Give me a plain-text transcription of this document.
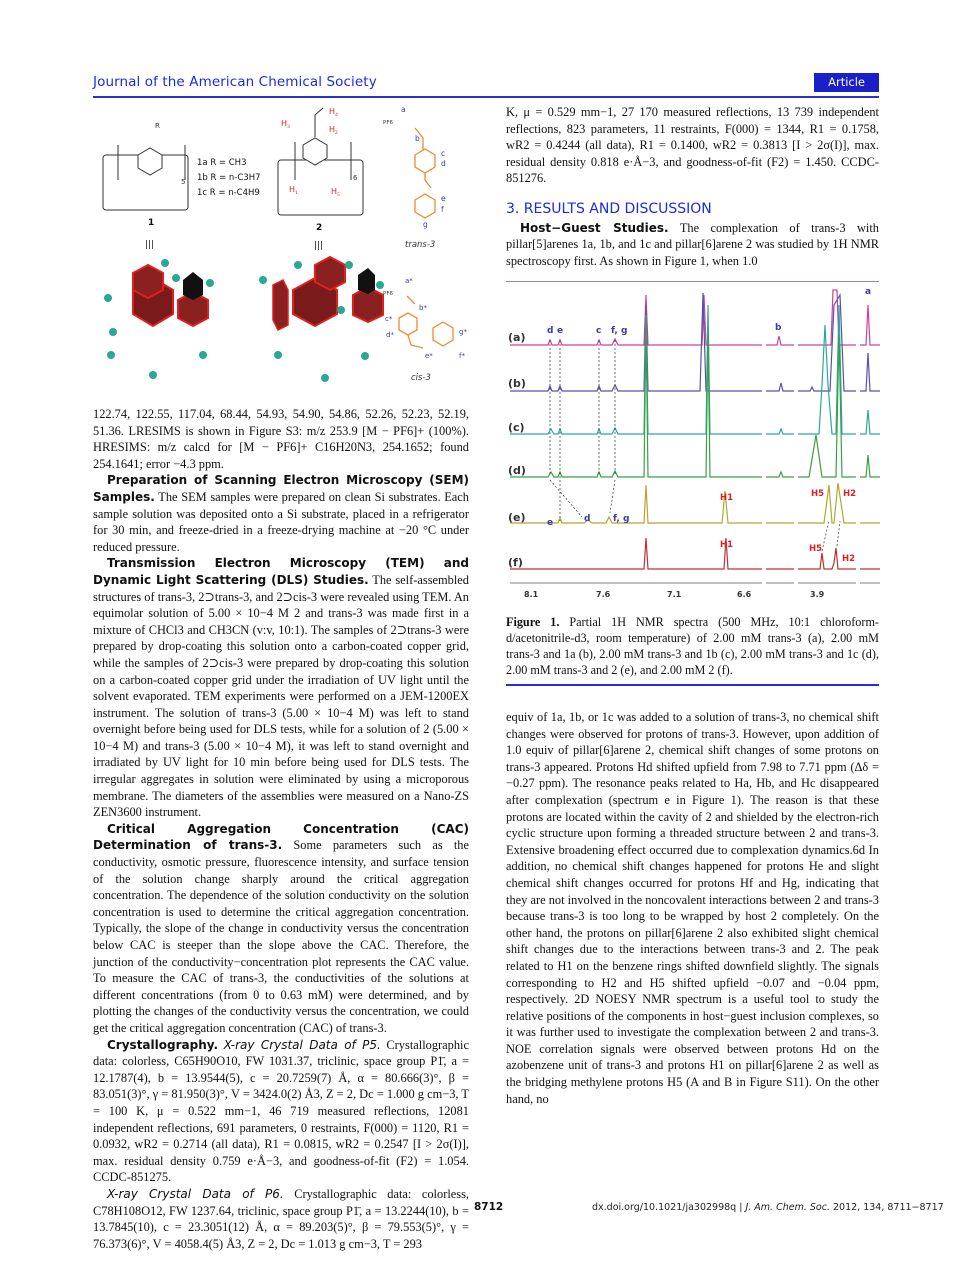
Journal of the American Chemical Society	Article
R
5
1a R = CH3
1b R = n-C3H7
1c R = n-C4H9
1
|||
H 3
H 4
H 2
H 1	H 5
6
2
|||
PF6
a
b
c
d
e
f
g
trans-3
PF6
a*
b*
c*
d*
e*	f*
g*
cis-3

122.74, 122.55, 117.04, 68.44, 54.93, 54.90, 54.86, 52.26, 52.23, 52.19, 51.36. LRESIMS is shown in Figure S3: m/z 253.9 [M − PF6]+ (100%). HRESIMS: m/z calcd for [M − PF6]+ C16H20N3, 254.1652; found 254.1641; error −4.3 ppm.

Preparation of Scanning Electron Microscopy (SEM) Samples. The SEM samples were prepared on clean Si substrates. Each sample solution was deposited onto a Si substrate, placed in a refrigerator for 30 min, and freeze-dried in a freeze-drying machine at −20 °C under reduced pressure.

Transmission Electron Microscopy (TEM) and Dynamic Light Scattering (DLS) Studies. The self-assembled structures of trans-3, 2⊃trans-3, and 2⊃cis-3 were revealed using TEM. An equimolar solution of 5.00 × 10−4 M 2 and trans-3 was made first in a mixture of CHCl3 and CH3CN (v:v, 10:1). The samples of 2⊃trans-3 were prepared by drop-coating this solution onto a carbon-coated copper grid, while the samples of 2⊃cis-3 were prepared by drop-coating this solution on a carbon-coated copper grid under the irradiation of UV light until the solvent evaporated. TEM experiments were performed on a JEM-1200EX instrument. The solution of trans-3 (5.00 × 10−4 M) was left to stand overnight before being used for DLS tests, while for a solution of 2 (5.00 × 10−4 M) and trans-3 (5.00 × 10−4 M), it was left to stand overnight and irradiated by UV light for 10 min before being used for DLS tests. The irregular aggregates in solution were eliminated by using a microporous membrane. The diameters of the assemblies were measured on a Nano-ZS ZEN3600 instrument.

Critical Aggregation Concentration (CAC) Determination of trans-3. Some parameters such as the conductivity, osmotic pressure, fluorescence intensity, and surface tension of the solution change sharply around the critical aggregation concentration. The dependence of the solution conductivity on the solution concentration is used to determine the critical aggregation concentration. Typically, the slope of the change in conductivity versus the concentration below CAC is steeper than the slope above the CAC. Therefore, the junction of the conductivity−concentration plot represents the CAC value. To measure the CAC of trans-3, the conductivities of the solutions at different concentrations (from 0 to 0.63 mM) were determined, and by plotting the changes of the conductivity versus the concentration, we could get the critical aggregation concentration (CAC) of trans-3.

Crystallography. X-ray Crystal Data of P5. Crystallographic data: colorless, C65H90O10, FW 1031.37, triclinic, space group P1̄, a = 12.1787(4), b = 13.9544(5), c = 20.7259(7) Å, α = 80.666(3)°, β = 83.051(3)°, γ = 81.950(3)°, V = 3424.0(2) Å3, Z = 2, Dc = 1.000 g cm−3, T = 100 K, μ = 0.522 mm−1, 46 719 measured reflections, 12081 independent reflections, 691 parameters, 0 restraints, F(000) = 1120, R1 = 0.0932, wR2 = 0.2714 (all data), R1 = 0.0815, wR2 = 0.2547 [I > 2σ(I)], max. residual density 0.759 e·Å−3, and goodness-of-fit (F2) = 1.054. CCDC-851275.

X-ray Crystal Data of P6. Crystallographic data: colorless, C78H108O12, FW 1237.64, triclinic, space group P1̄, a = 13.2244(10), b = 13.7845(10), c = 23.3051(12) Å, α = 89.203(5)°, β = 79.553(5)°, γ = 76.373(6)°, V = 4058.4(5) Å3, Z = 2, Dc = 1.013 g cm−3, T = 293

K, μ = 0.529 mm−1, 27 170 measured reflections, 13 739 independent reflections, 823 parameters, 11 restraints, F(000) = 1344, R1 = 0.1758, wR2 = 0.4244 (all data), R1 = 0.1400, wR2 = 0.3813 [I > 2σ(I)], max. residual density 0.818 e·Å−3, and goodness-of-fit (F2) = 1.450. CCDC-851276.

3. RESULTS AND DISCUSSION

Host−Guest Studies. The complexation of trans-3 with pillar[5]arenes 1a, 1b, and 1c and pillar[6]arene 2 was studied by 1H NMR spectroscopy first. As shown in Figure 1, when 1.0

(a)
(b)
(c)
(d)
(e)
(f)
d e	c f, g	b
a
e	d	f, g
H1	H5 H2
H1	H5
H2
8.1	7.6	7.1	6.6	3.9
Figure 1. Partial 1H NMR spectra (500 MHz, 10:1 chloroform-d/acetonitrile-d3, room temperature) of 2.00 mM trans-3 (a), 2.00 mM trans-3 and 1a (b), 2.00 mM trans-3 and 1b (c), 2.00 mM trans-3 and 1c (d), 2.00 mM trans-3 and 2 (e), and 2.00 mM 2 (f).

equiv of 1a, 1b, or 1c was added to a solution of trans-3, no chemical shift changes were observed for protons of trans-3. However, upon addition of 1.0 equiv of pillar[6]arene 2, chemical shift changes of some protons on trans-3 appeared. Protons Hd shifted upfield from 7.98 to 7.71 ppm (Δδ = −0.27 ppm). The resonance peaks related to Ha, Hb, and Hc disappeared after complexation (spectrum e in Figure 1). The reason is that these protons are located within the cavity of 2 and shielded by the electron-rich cyclic structure upon forming a threaded structure between 2 and trans-3. Extensive broadening effect occurred due to complexation dynamics.6d In addition, no chemical shift changes happened for protons He and slight chemical shift changes occurred for protons Hf and Hg, indicating that they are not involved in the noncovalent interactions between 2 and trans-3 because trans-3 is too long to be wrapped by host 2 completely. On the other hand, the protons on pillar[6]arene 2 also exhibited slight chemical shift changes due to the interactions between trans-3 and 2. The peak related to H1 on the benzene rings shifted downfield slightly. The signals corresponding to H2 and H5 shifted upfield −0.07 and −0.04 ppm, respectively. 2D NOESY NMR spectrum is a useful tool to study the relative positions of the components in host−guest inclusion complexes, so it was further used to investigate the complexation between 2 and trans-3. NOE correlation signals were observed between protons Hd on the azobenzene unit of trans-3 and protons H1 on pillar[6]arene 2 as well as the bridging methylene protons H5 (A and B in Figure S11). On the other hand, no

8712	dx.doi.org/10.1021/ja302998q | J. Am. Chem. Soc. 2012, 134, 8711−8717
